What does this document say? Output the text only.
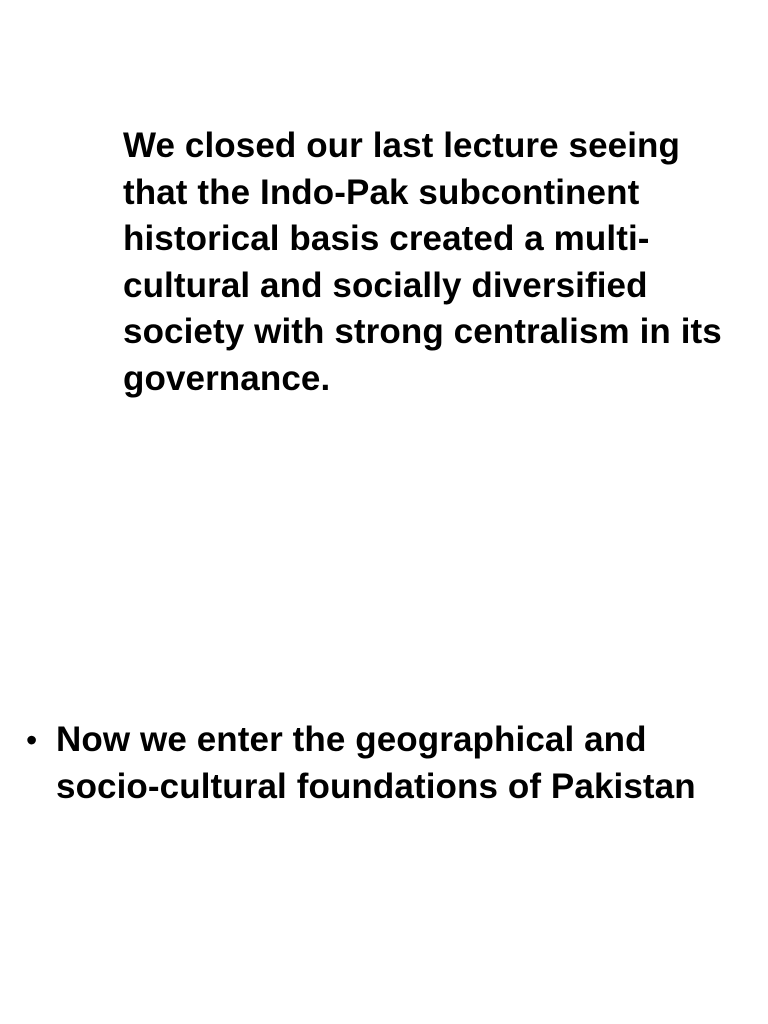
We closed our last lecture seeing that the Indo-Pak subcontinent historical basis created a multi-cultural and socially diversified society with strong centralism in its governance.

• Now we enter the geographical and socio-cultural foundations of Pakistan
